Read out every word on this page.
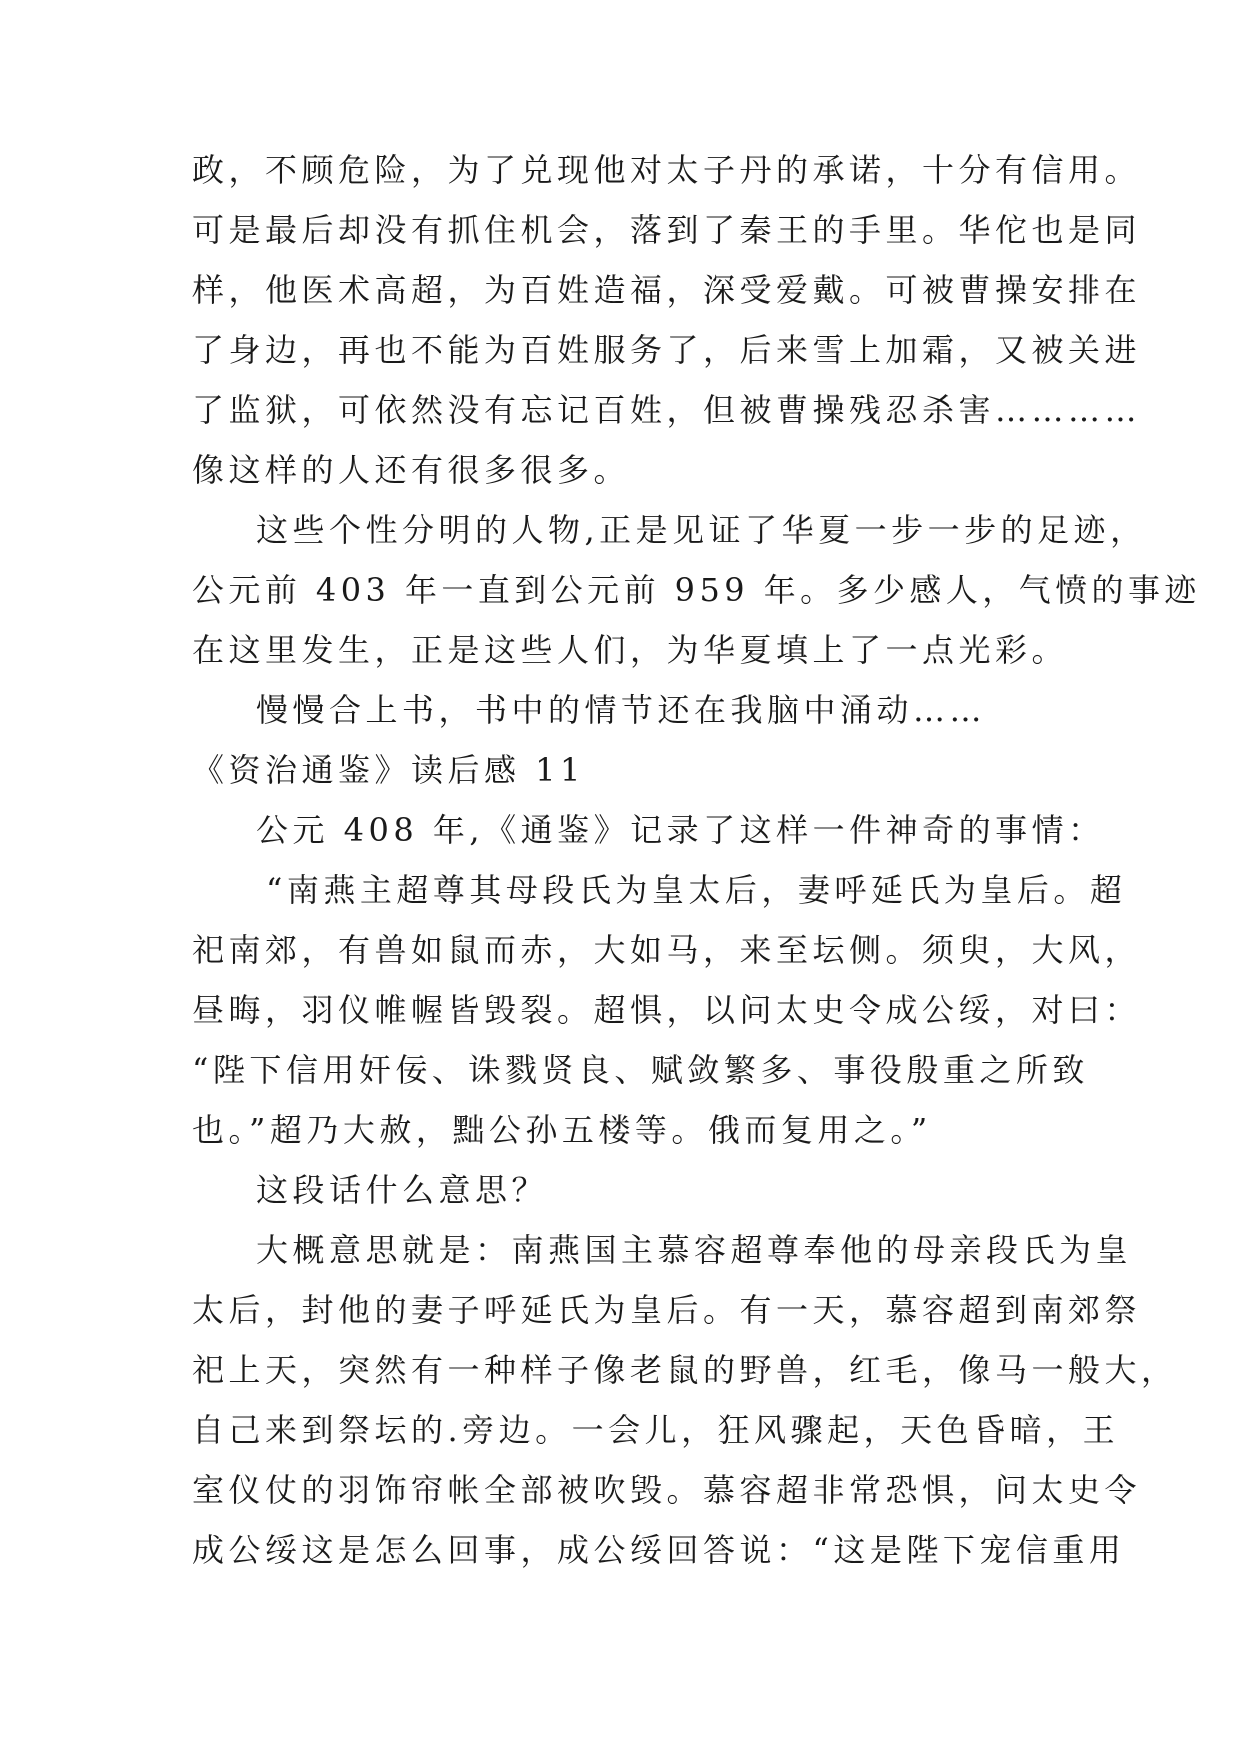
政，不顾危险，为了兑现他对太子丹的承诺，十分有信用。
可是最后却没有抓住机会，落到了秦王的手里。华佗也是同
样，他医术高超，为百姓造福，深受爱戴。可被曹操安排在
了身边，再也不能为百姓服务了，后来雪上加霜，又被关进
了监狱，可依然没有忘记百姓，但被曹操残忍杀害…………
像这样的人还有很多很多。
这些个性分明的人物,正是见证了华夏一步一步的足迹，
公元前 403 年一直到公元前 959 年。多少感人，气愤的事迹
在这里发生，正是这些人们，为华夏填上了一点光彩。
慢慢合上书，书中的情节还在我脑中涌动……
《资治通鉴》读后感 11
公元 408 年,《通鉴》记录了这样一件神奇的事情：
“南燕主超尊其母段氏为皇太后，妻呼延氏为皇后。超
祀南郊，有兽如鼠而赤，大如马，来至坛侧。须臾，大风，
昼晦，羽仪帷幄皆毁裂。超惧，以问太史令成公绥，对曰：
“陛下信用奸佞、诛戮贤良、赋敛繁多、事役殷重之所致
也。”超乃大赦，黜公孙五楼等。俄而复用之。”
这段话什么意思？
大概意思就是：南燕国主慕容超尊奉他的母亲段氏为皇
太后，封他的妻子呼延氏为皇后。有一天，慕容超到南郊祭
祀上天，突然有一种样子像老鼠的野兽，红毛，像马一般大，
自己来到祭坛的.旁边。一会儿，狂风骤起，天色昏暗，王
室仪仗的羽饰帘帐全部被吹毁。慕容超非常恐惧，问太史令
成公绥这是怎么回事，成公绥回答说：“这是陛下宠信重用
